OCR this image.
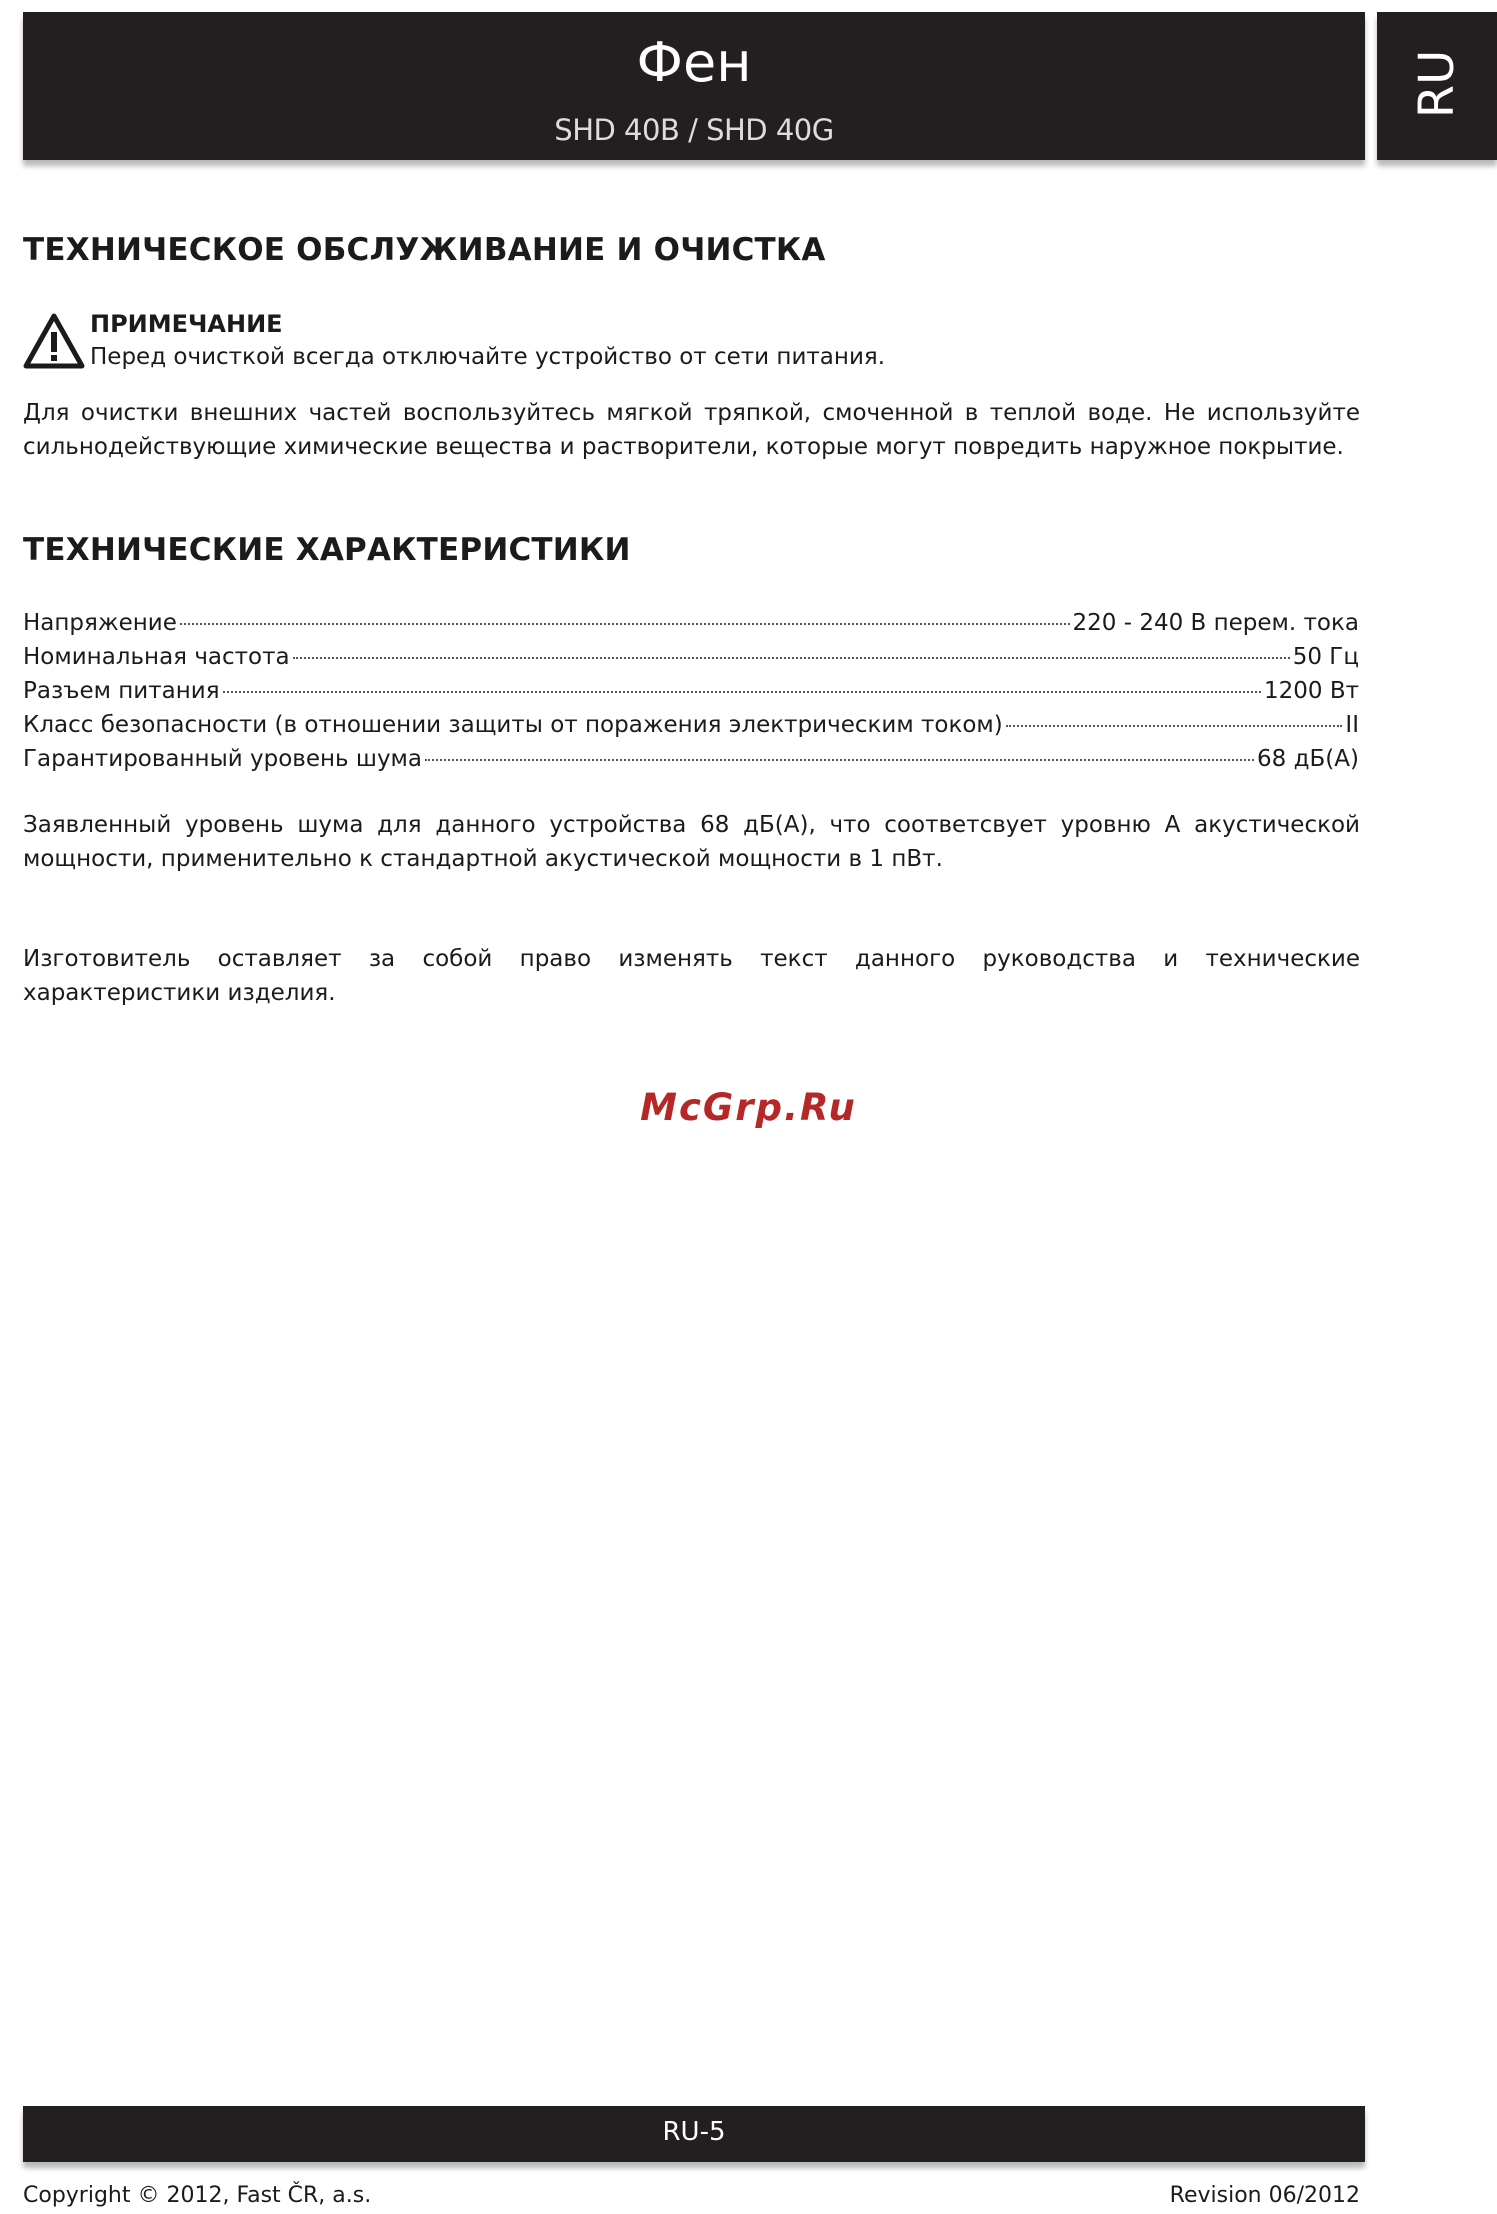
Фен
SHD 40B / SHD 40G
RU
ТЕХНИЧЕСКОЕ ОБСЛУЖИВАНИЕ И ОЧИСТКА
ПРИМЕЧАНИЕ
Перед очисткой всегда отключайте устройство от сети питания.

Для очистки внешних частей воспользуйтесь мягкой тряпкой, смоченной в теплой воде. Не используйте сильнодействующие химические вещества и растворители, которые могут повредить наружное покрытие.

ТЕХНИЧЕСКИЕ ХАРАКТЕРИСТИКИ
Напряжение	220 - 240 В перем. тока
Номинальная частота	50 Гц
Разъем питания	1200 Вт
Класс безопасности (в отношении защиты от поражения электрическим током)	II
Гарантированный уровень шума	68 дБ(A)

Заявленный уровень шума для данного устройства 68 дБ(A), что соответсвует уровню A акустической мощности, применительно к стандартной акустической мощности в 1 пВт.

Изготовитель оставляет за собой право изменять текст данного руководства и технические характеристики изделия.

McGrp.Ru
RU-5
Copyright © 2012, Fast ČR, a.s.	Revision 06/2012
